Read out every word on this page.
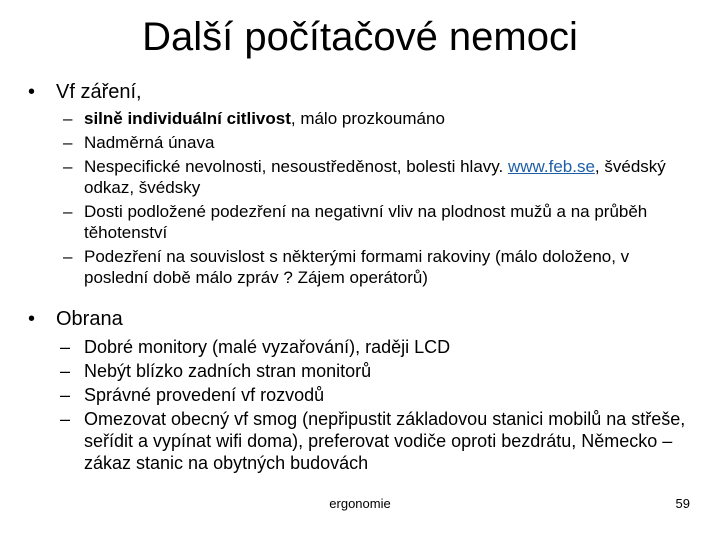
Další počítačové nemoci
• Vf záření,
– silně individuální citlivost, málo prozkoumáno
– Nadměrná únava
– Nespecifické nevolnosti, nesoustředěnost, bolesti hlavy. www.feb.se, švédský odkaz, švédsky
– Dosti podložené podezření na negativní vliv na plodnost mužů a na průběh těhotenství
– Podezření na souvislost s některými formami rakoviny (málo doloženo, v poslední době málo zpráv ? Zájem operátorů)
• Obrana
– Dobré monitory (malé vyzařování), raději LCD
– Nebýt blízko zadních stran monitorů
– Správné provedení vf rozvodů
– Omezovat obecný vf smog (nepřipustit základovou stanici mobilů na střeše, seřídit a vypínat wifi doma), preferovat vodiče oproti bezdrátu, Německo – zákaz stanic na obytných budovách
ergonomie	59
